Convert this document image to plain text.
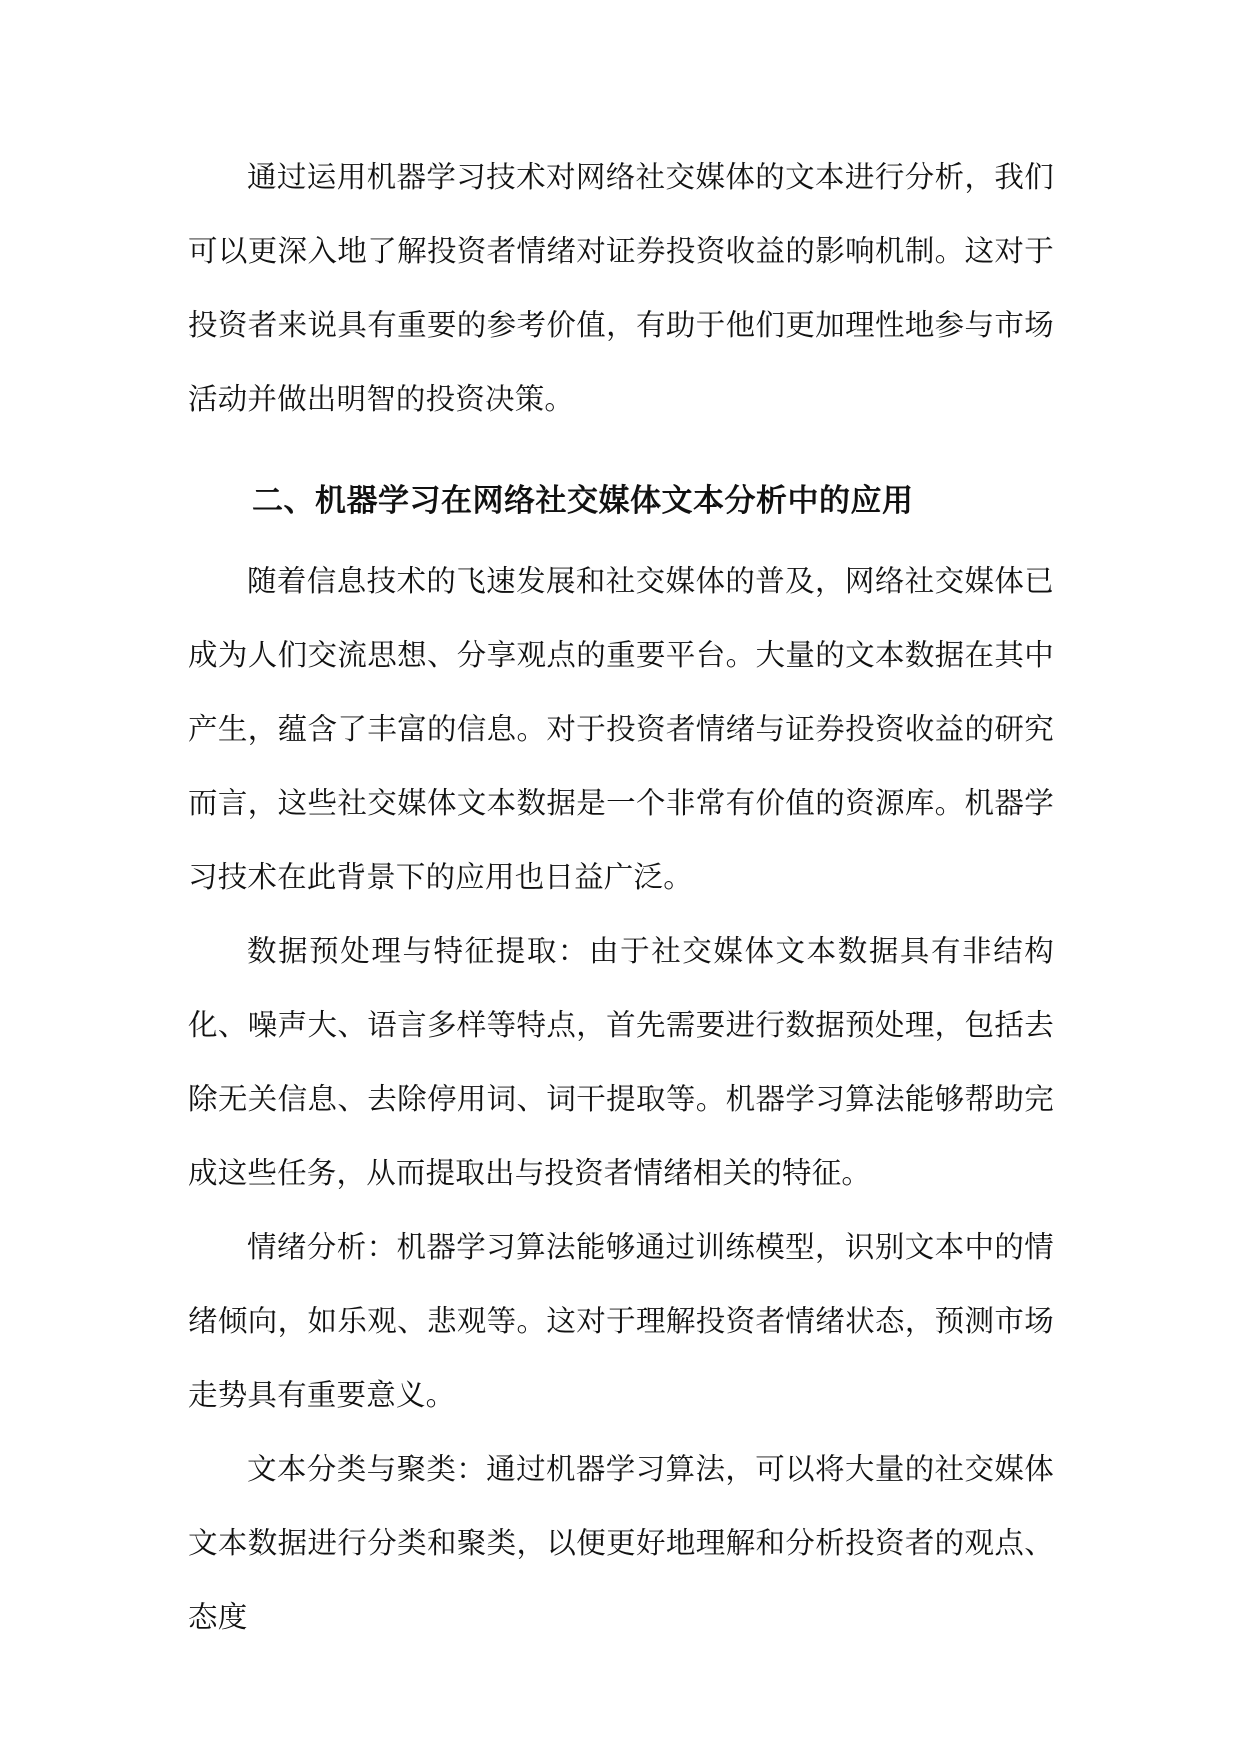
通过运用机器学习技术对网络社交媒体的文本进行分析，我们可以更深入地了解投资者情绪对证券投资收益的影响机制。这对于投资者来说具有重要的参考价值，有助于他们更加理性地参与市场活动并做出明智的投资决策。

二、机器学习在网络社交媒体文本分析中的应用

随着信息技术的飞速发展和社交媒体的普及，网络社交媒体已成为人们交流思想、分享观点的重要平台。大量的文本数据在其中产生，蕴含了丰富的信息。对于投资者情绪与证券投资收益的研究而言，这些社交媒体文本数据是一个非常有价值的资源库。机器学习技术在此背景下的应用也日益广泛。

数据预处理与特征提取：由于社交媒体文本数据具有非结构化、噪声大、语言多样等特点，首先需要进行数据预处理，包括去除无关信息、去除停用词、词干提取等。机器学习算法能够帮助完成这些任务，从而提取出与投资者情绪相关的特征。

情绪分析：机器学习算法能够通过训练模型，识别文本中的情绪倾向，如乐观、悲观等。这对于理解投资者情绪状态，预测市场走势具有重要意义。

文本分类与聚类：通过机器学习算法，可以将大量的社交媒体文本数据进行分类和聚类，以便更好地理解和分析投资者的观点、态度
